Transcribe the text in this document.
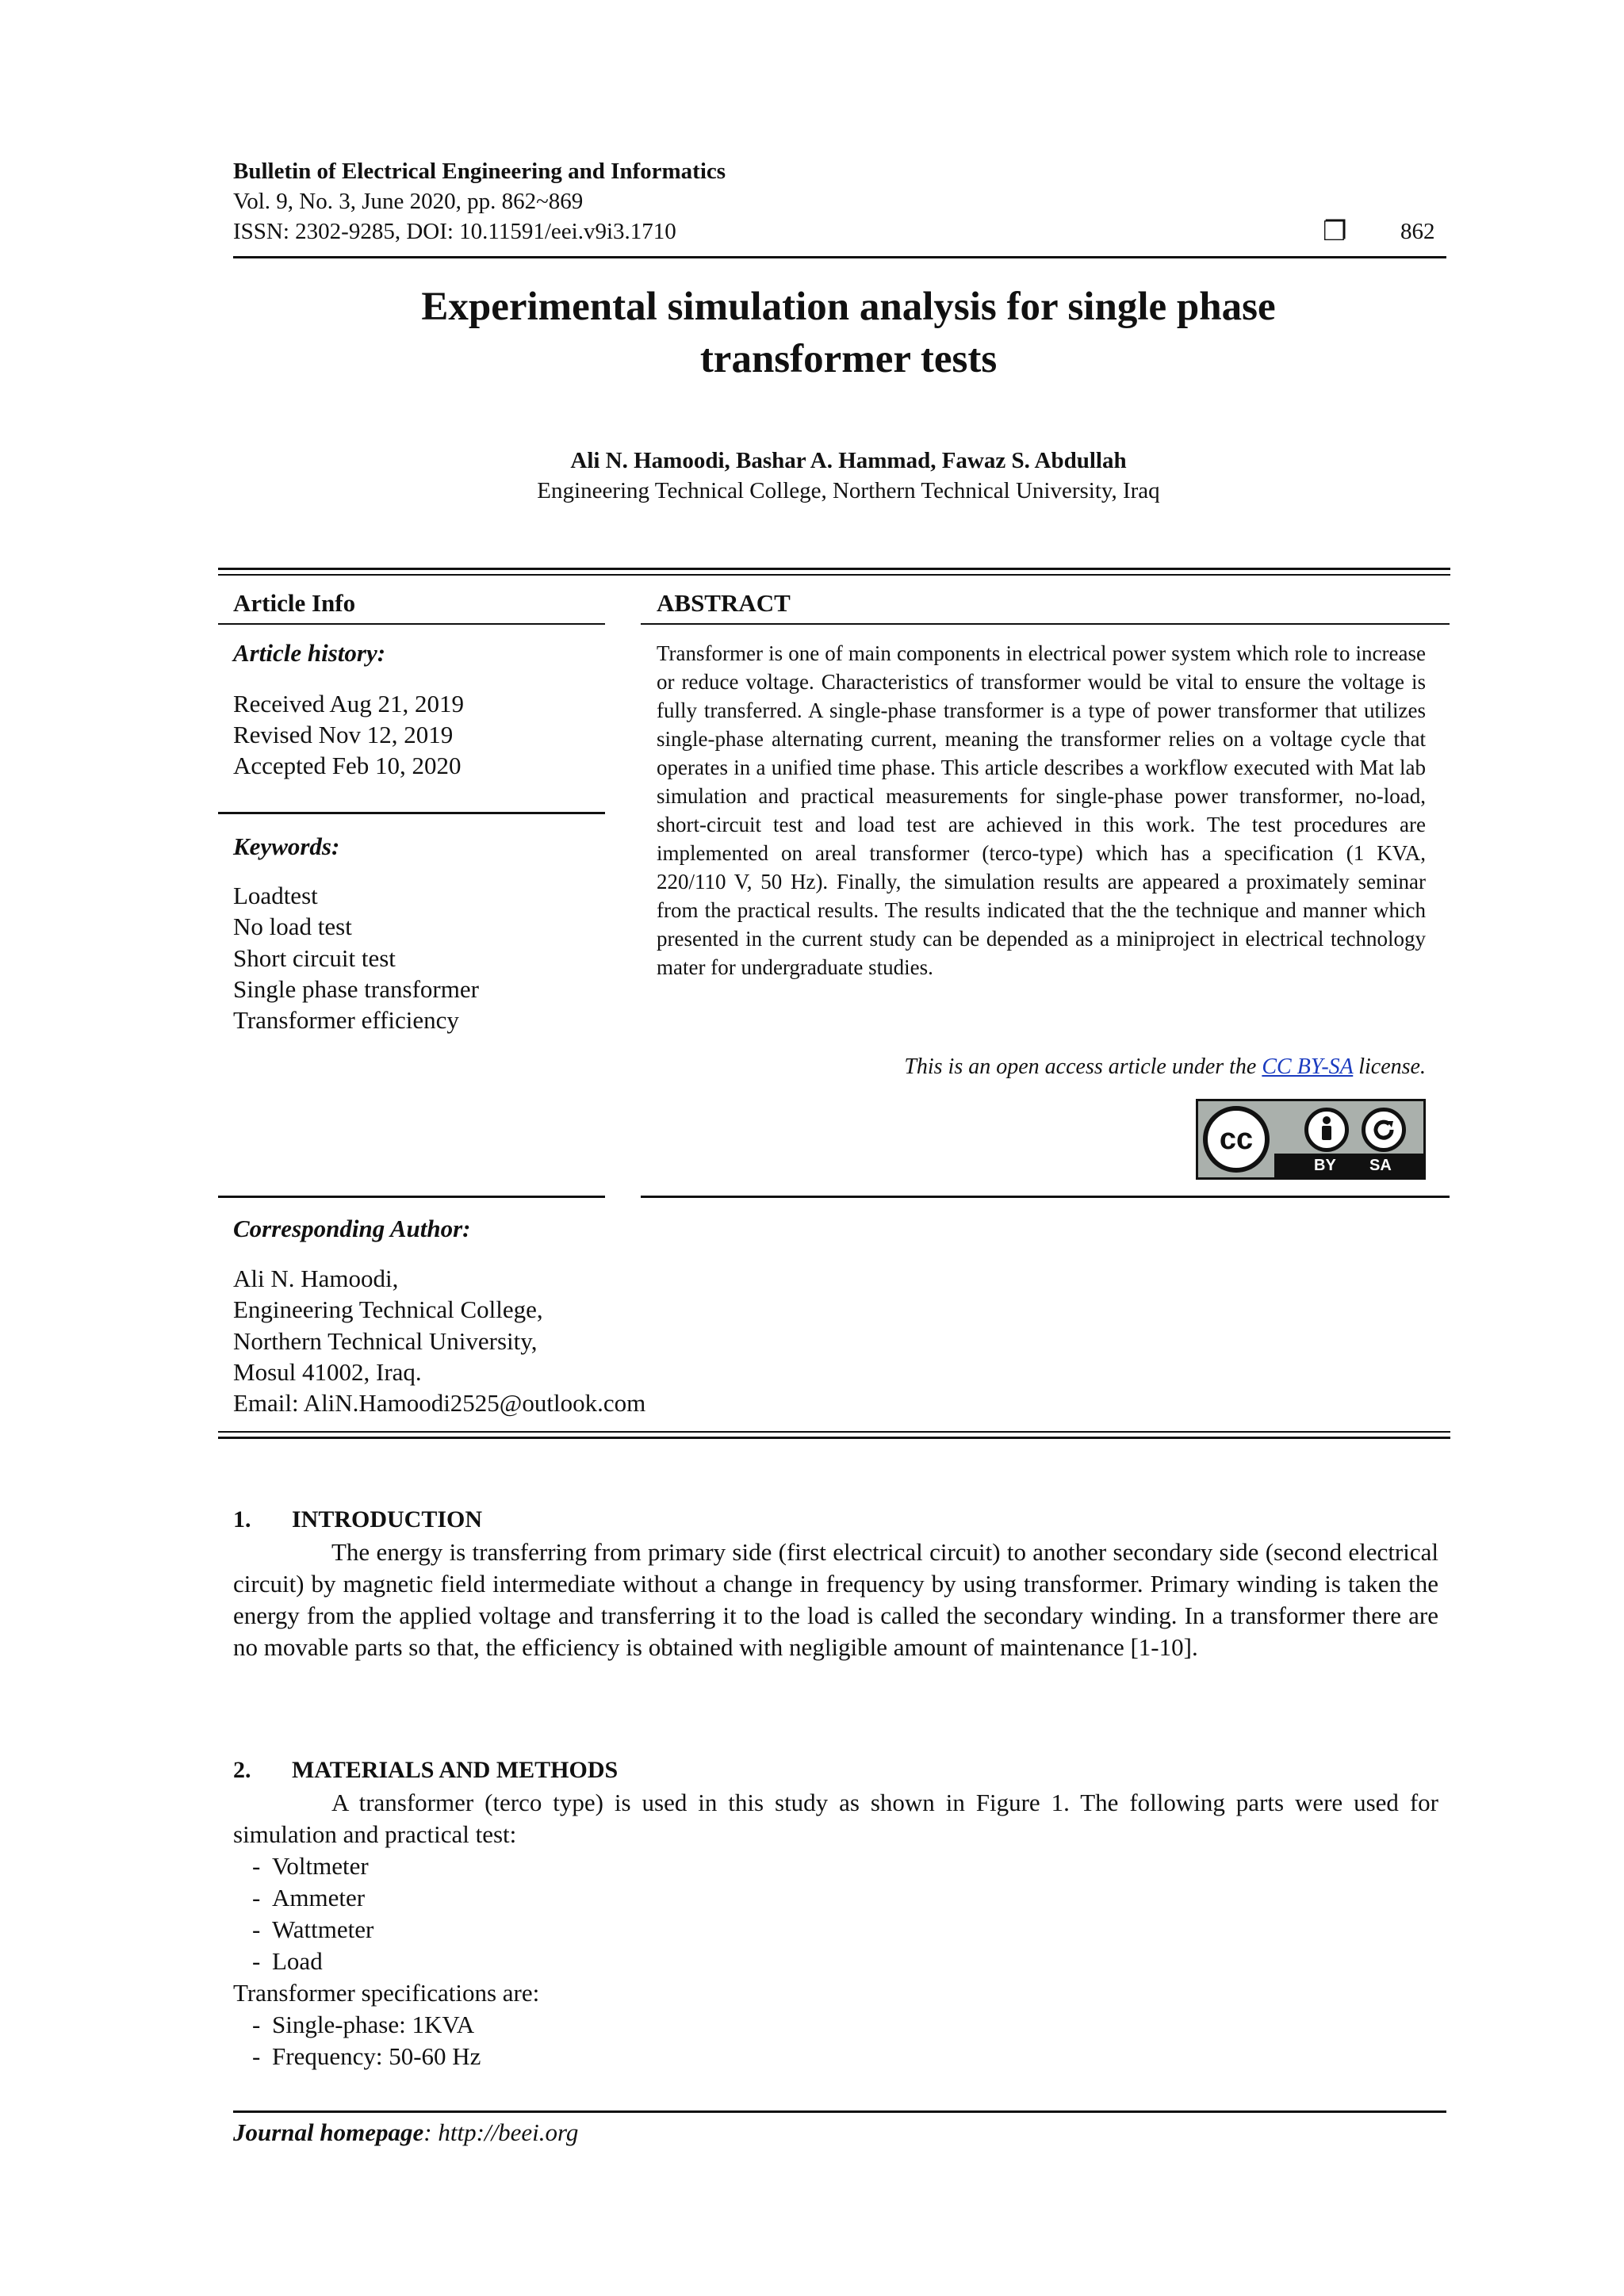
Bulletin of Electrical Engineering and Informatics
Vol. 9, No. 3, June 2020, pp. 862~869
ISSN: 2302-9285, DOI: 10.11591/eei.v9i3.1710	❐ 862
Experimental simulation analysis for single phase
transformer tests
Ali N. Hamoodi, Bashar A. Hammad, Fawaz S. Abdullah
Engineering Technical College, Northern Technical University, Iraq
Article Info
Article history:
Received Aug 21, 2019
Revised Nov 12, 2019
Accepted Feb 10, 2020
Keywords:
Loadtest
No load test
Short circuit test
Single phase transformer
Transformer efficiency
ABSTRACT

Transformer is one of main components in electrical power system which role to increase or reduce voltage. Characteristics of transformer would be vital to ensure the voltage is fully transferred. A single-phase transformer is a type of power transformer that utilizes single-phase alternating current, meaning the transformer relies on a voltage cycle that operates in a unified time phase. This article describes a workflow executed with Mat lab simulation and practical measurements for single-phase power transformer, no-load, short-circuit test and load test are achieved in this work. The test procedures are implemented on areal transformer (terco-type) which has a specification (1 KVA, 220/110 V, 50 Hz). Finally, the simulation results are appeared a proximately seminar from the practical results. The results indicated that the the technique and manner which presented in the current study can be depended as a miniproject in electrical technology mater for undergraduate studies.

This is an open access article under the CC BY-SA license.
cc
BY SA
Corresponding Author:
Ali N. Hamoodi,
Engineering Technical College,
Northern Technical University,
Mosul 41002, Iraq.
Email: AliN.Hamoodi2525@outlook.com
1. INTRODUCTION
The energy is transferring from primary side (first electrical circuit) to another secondary side (second electrical circuit) by magnetic field intermediate without a change in frequency by using transformer. Primary winding is taken the energy from the applied voltage and transferring it to the load is called the secondary winding. In a transformer there are no movable parts so that, the efficiency is obtained with negligible amount of maintenance [1-10].
2. MATERIALS AND METHODS
A transformer (terco type) is used in this study as shown in Figure 1. The following parts were used for simulation and practical test:
- Voltmeter
- Ammeter
- Wattmeter
- Load
Transformer specifications are:
- Single-phase: 1KVA
- Frequency: 50-60 Hz
Journal homepage: http://beei.org
